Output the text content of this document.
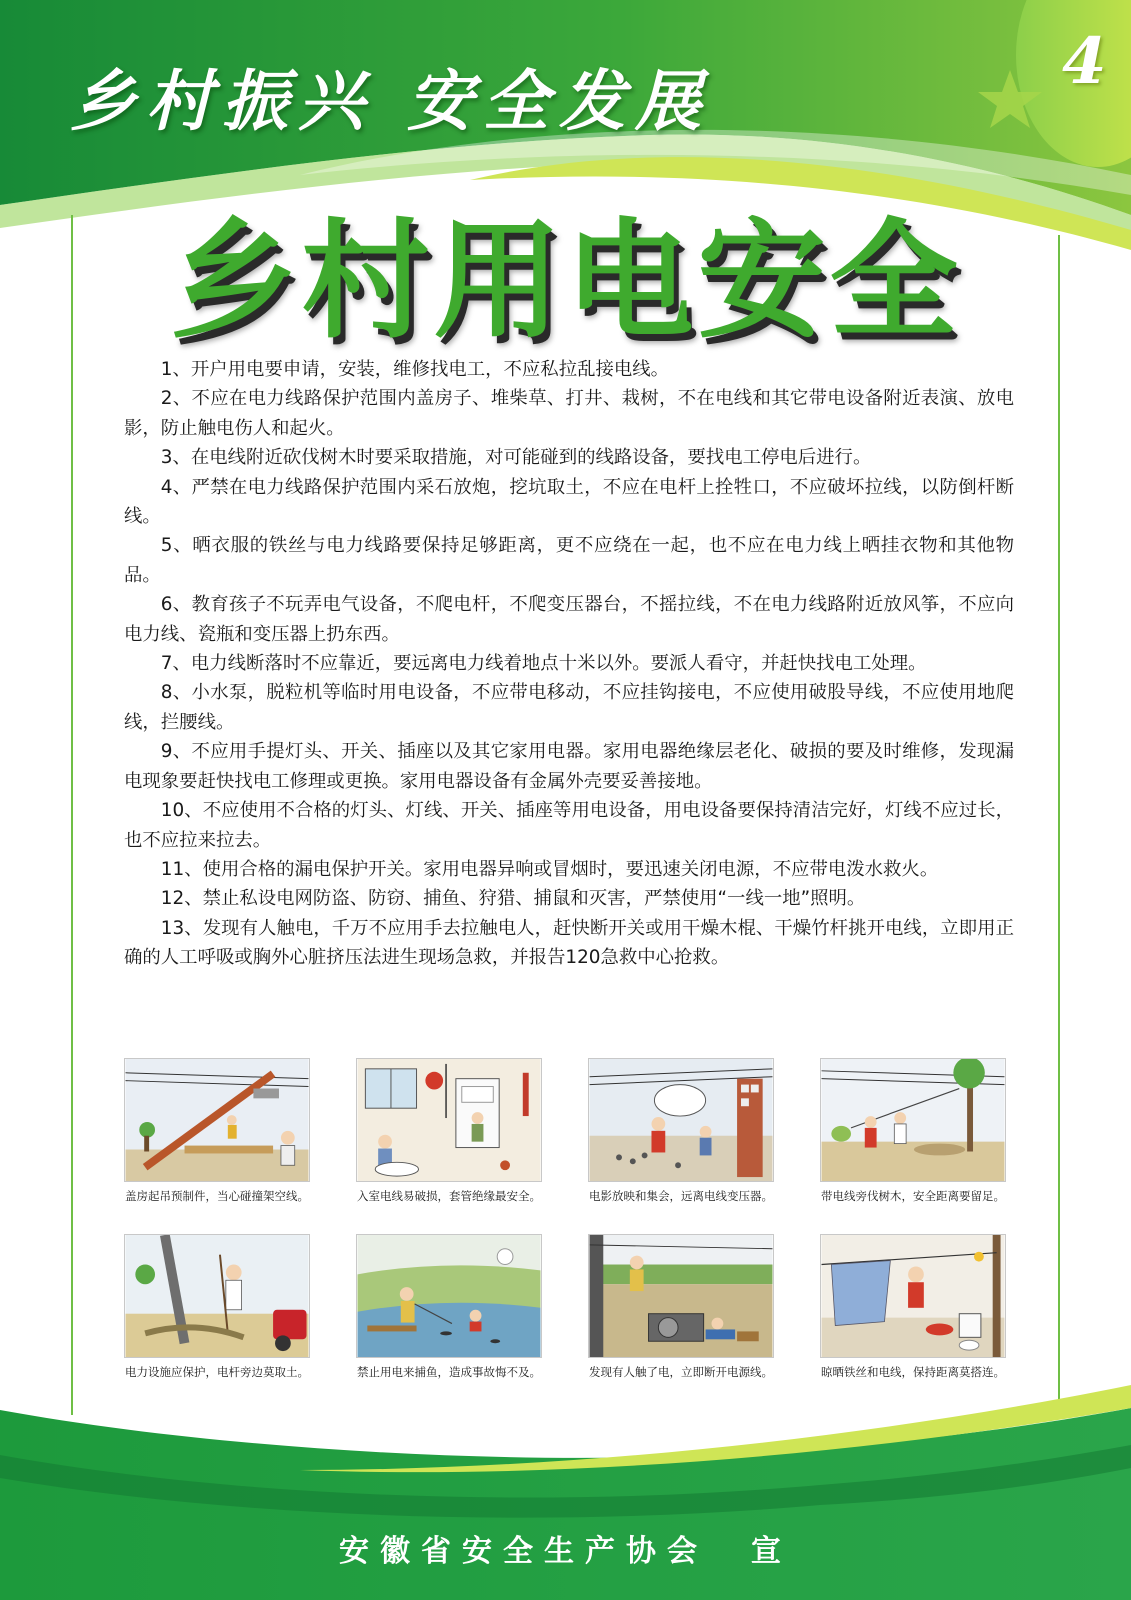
乡村振兴 安全发展
4
乡村用电安全

1、开户用电要申请，安装，维修找电工，不应私拉乱接电线。

2、不应在电力线路保护范围内盖房子、堆柴草、打井、栽树，不在电线和其它带电设备附近表演、放电影，防止触电伤人和起火。

3、在电线附近砍伐树木时要采取措施，对可能碰到的线路设备，要找电工停电后进行。

4、严禁在电力线路保护范围内采石放炮，挖坑取土，不应在电杆上拴牲口，不应破坏拉线，以防倒杆断线。

5、晒衣服的铁丝与电力线路要保持足够距离，更不应绕在一起，也不应在电力线上晒挂衣物和其他物品。

6、教育孩子不玩弄电气设备，不爬电杆，不爬变压器台，不摇拉线，不在电力线路附近放风筝，不应向电力线、瓷瓶和变压器上扔东西。

7、电力线断落时不应靠近，要远离电力线着地点十米以外。要派人看守，并赶快找电工处理。

8、小水泵，脱粒机等临时用电设备，不应带电移动，不应挂钩接电，不应使用破股导线，不应使用地爬线，拦腰线。

9、不应用手提灯头、开关、插座以及其它家用电器。家用电器绝缘层老化、破损的要及时维修，发现漏电现象要赶快找电工修理或更换。家用电器设备有金属外壳要妥善接地。

10、不应使用不合格的灯头、灯线、开关、插座等用电设备，用电设备要保持清洁完好，灯线不应过长，也不应拉来拉去。

11、使用合格的漏电保护开关。家用电器异响或冒烟时，要迅速关闭电源，不应带电泼水救火。

12、禁止私设电网防盗、防窃、捕鱼、狩猎、捕鼠和灭害，严禁使用“一线一地”照明。

13、发现有人触电，千万不应用手去拉触电人，赶快断开关或用干燥木棍、干燥竹杆挑开电线，立即用正确的人工呼吸或胸外心脏挤压法进生现场急救，并报告120急救中心抢救。

盖房起吊预制件，当心碰撞架空线。	入室电线易破损，套管绝缘最安全。	电影放映和集会，远离电线变压器。	带电线旁伐树木，安全距离要留足。
电力设施应保护，电杆旁边莫取土。	禁止用电来捕鱼，造成事故悔不及。	发现有人触了电，立即断开电源线。	晾晒铁丝和电线，保持距离莫搭连。
安徽省安全生产协会  宣
